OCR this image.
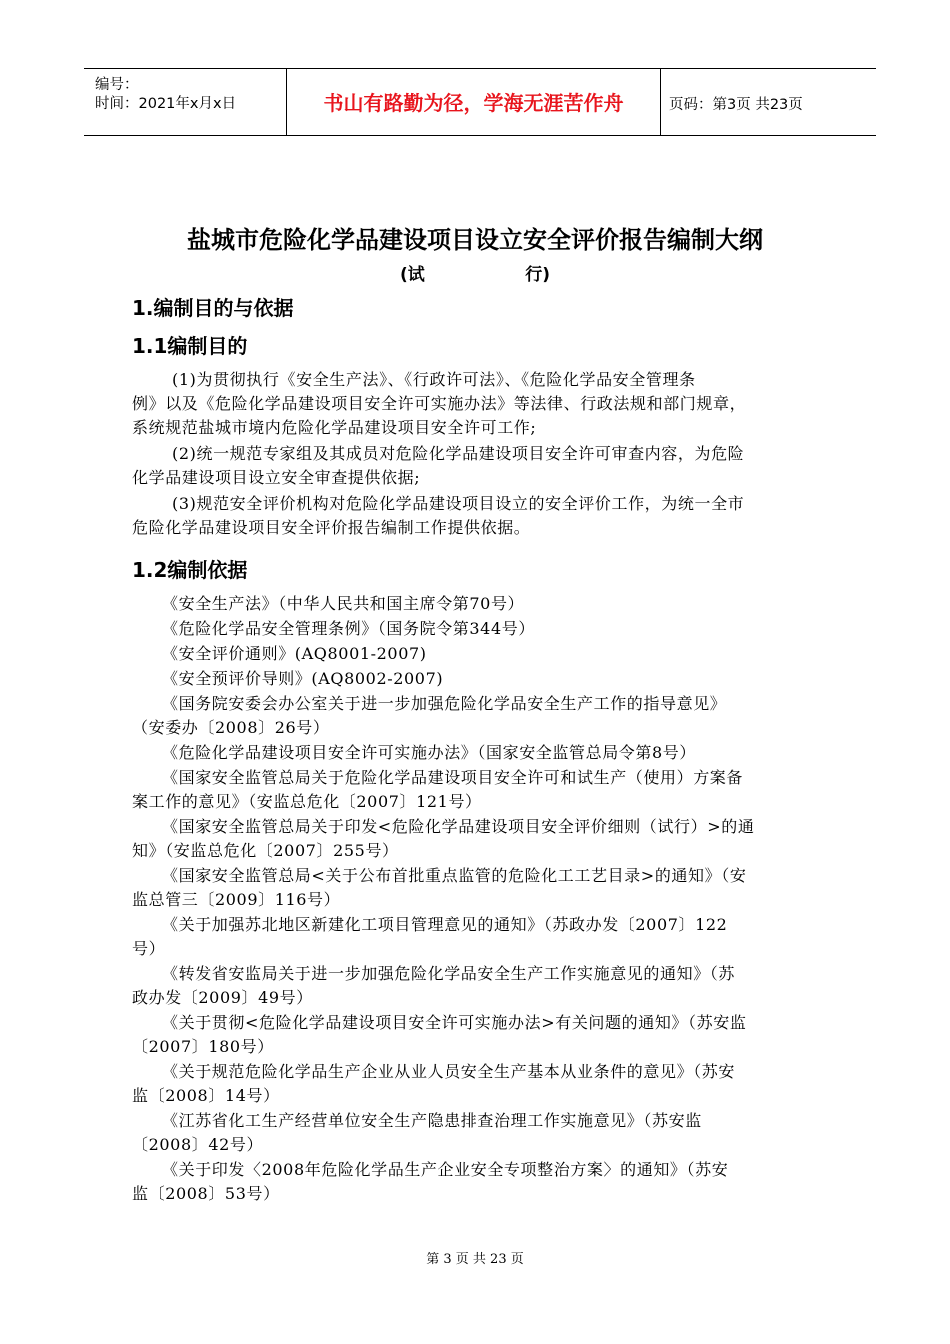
编号：
时间：2021年x月x日	书山有路勤为径，学海无涯苦作舟	页码：第3页 共23页
盐城市危险化学品建设项目设立安全评价报告编制大纲
(试	行)
1.编制目的与依据
1.1编制目的
(1)为贯彻执行《安全生产法》、《行政许可法》、《危险化学品安全管理条
例》以及《危险化学品建设项目安全许可实施办法》等法律、行政法规和部门规章，
系统规范盐城市境内危险化学品建设项目安全许可工作;
(2)统一规范专家组及其成员对危险化学品建设项目安全许可审查内容，为危险
化学品建设项目设立安全审查提供依据;
(3)规范安全评价机构对危险化学品建设项目设立的安全评价工作，为统一全市
危险化学品建设项目安全评价报告编制工作提供依据。
1.2编制依据
《安全生产法》（中华人民共和国主席令第70号）
《危险化学品安全管理条例》（国务院令第344号）
《安全评价通则》(AQ8001-2007)
《安全预评价导则》(AQ8002-2007)
《国务院安委会办公室关于进一步加强危险化学品安全生产工作的指导意见》
（安委办〔2008〕26号）
《危险化学品建设项目安全许可实施办法》（国家安全监管总局令第8号）
《国家安全监管总局关于危险化学品建设项目安全许可和试生产（使用）方案备
案工作的意见》（安监总危化〔2007〕121号）
《国家安全监管总局关于印发<危险化学品建设项目安全评价细则（试行）>的通
知》（安监总危化〔2007〕255号）
《国家安全监管总局<关于公布首批重点监管的危险化工工艺目录>的通知》（安
监总管三〔2009〕116号）
《关于加强苏北地区新建化工项目管理意见的通知》（苏政办发〔2007〕122
号）
《转发省安监局关于进一步加强危险化学品安全生产工作实施意见的通知》（苏
政办发〔2009〕49号）
《关于贯彻<危险化学品建设项目安全许可实施办法>有关问题的通知》（苏安监
〔2007〕180号）
《关于规范危险化学品生产企业从业人员安全生产基本从业条件的意见》（苏安
监〔2008〕14号）
《江苏省化工生产经营单位安全生产隐患排查治理工作实施意见》（苏安监
〔2008〕42号）
《关于印发〈2008年危险化学品生产企业安全专项整治方案〉的通知》（苏安
监〔2008〕53号）
第 3 页 共 23 页
